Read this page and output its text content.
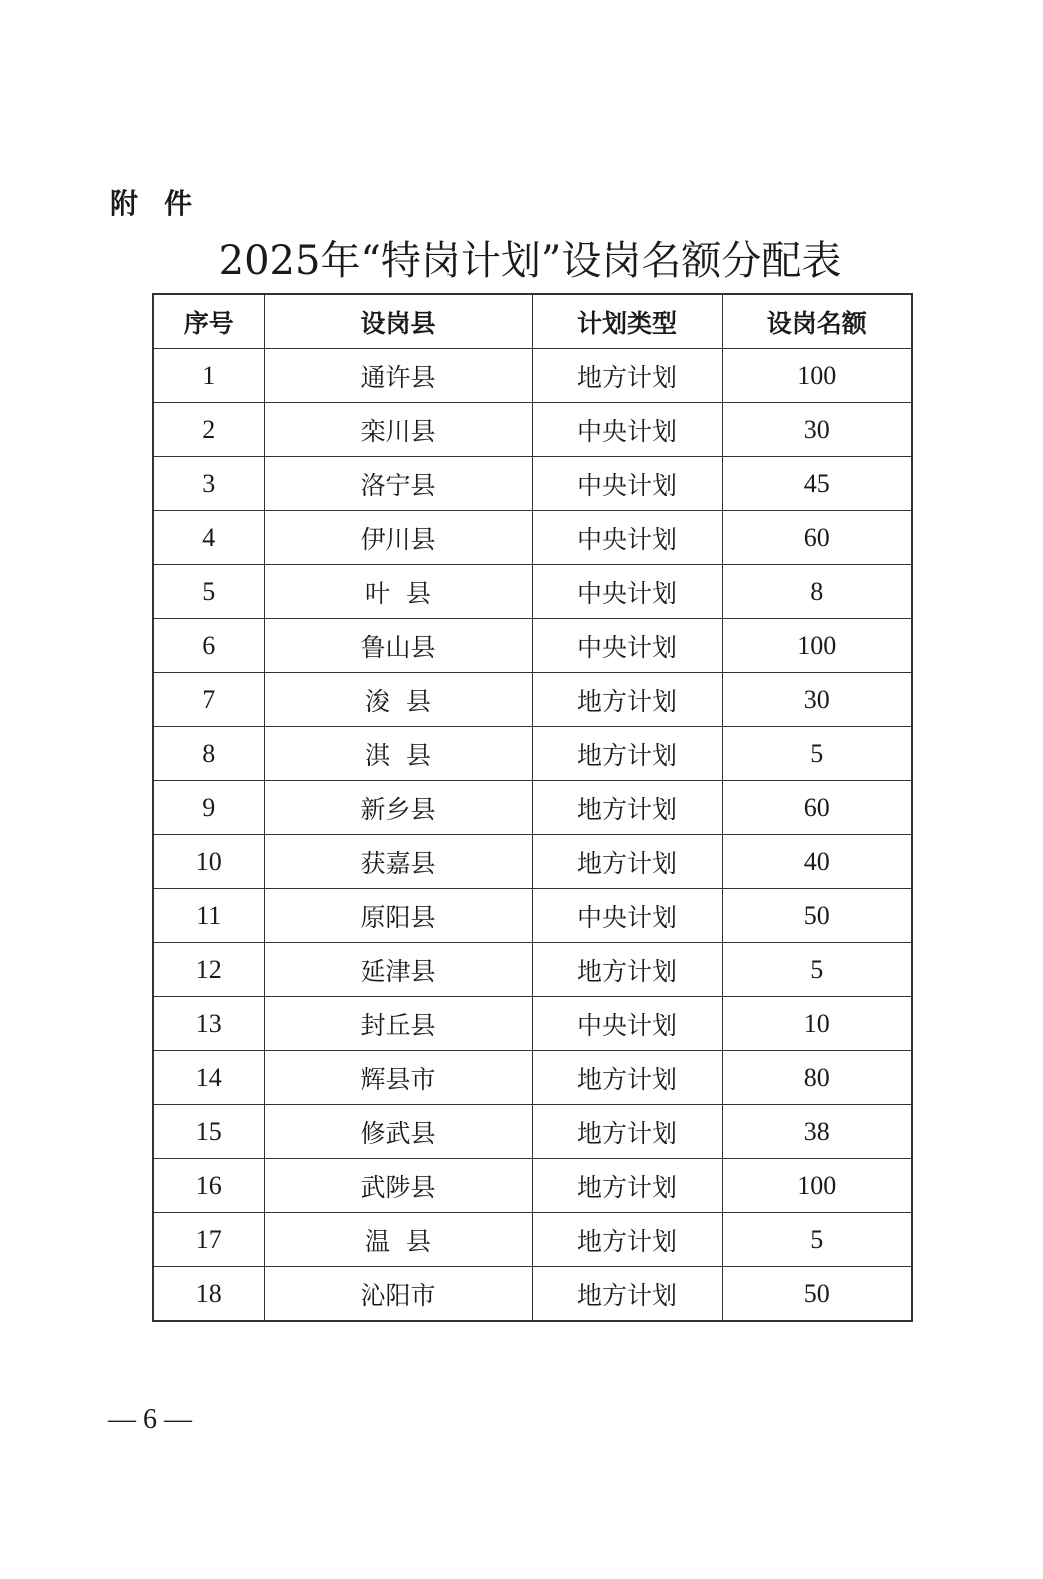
附件
2025年“特岗计划”设岗名额分配表
序号	设岗县	计划类型	设岗名额
1	通许县	地方计划	100
2	栾川县	中央计划	30
3	洛宁县	中央计划	45
4	伊川县	中央计划	60
5	叶  县	中央计划	8
6	鲁山县	中央计划	100
7	浚  县	地方计划	30
8	淇  县	地方计划	5
9	新乡县	地方计划	60
10	获嘉县	地方计划	40
11	原阳县	中央计划	50
12	延津县	地方计划	5
13	封丘县	中央计划	10
14	辉县市	地方计划	80
15	修武县	地方计划	38
16	武陟县	地方计划	100
17	温  县	地方计划	5
18	沁阳市	地方计划	50
— 6 —
